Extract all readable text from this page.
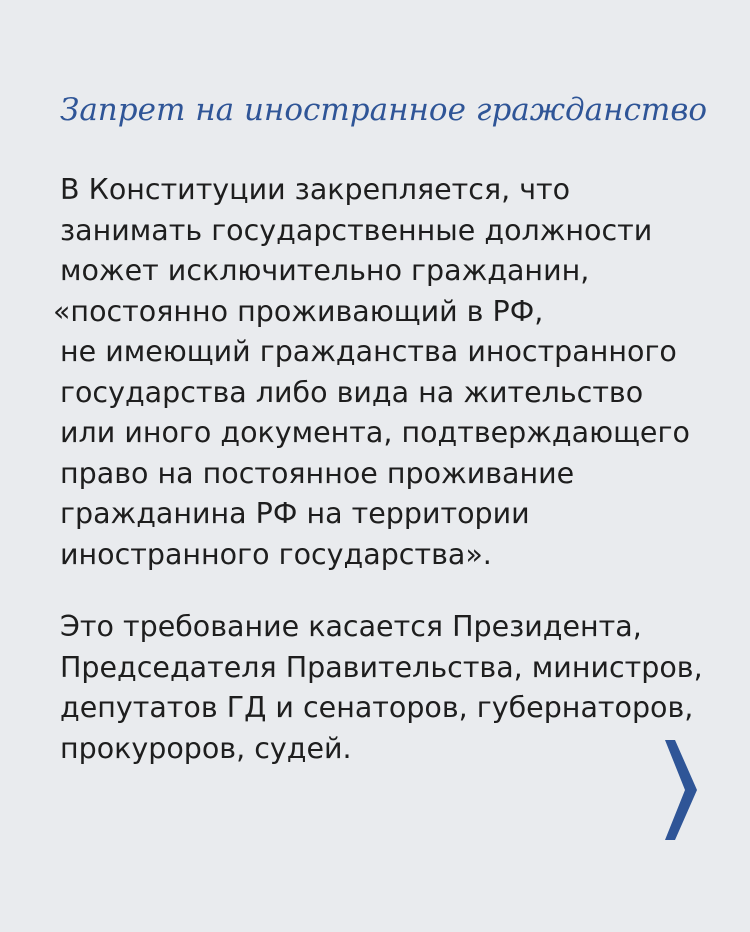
Запрет на иностранное гражданство
В Конституции закрепляется, что
занимать государственные должности
может исключительно гражданин,
«постоянно проживающий в РФ,
не имеющий гражданства иностранного
государства либо вида на жительство
или иного документа, подтверждающего
право на постоянное проживание
гражданина РФ на территории
иностранного государства».
Это требование касается Президента,
Председателя Правительства, министров,
депутатов ГД и сенаторов, губернаторов,
прокуроров, судей.
